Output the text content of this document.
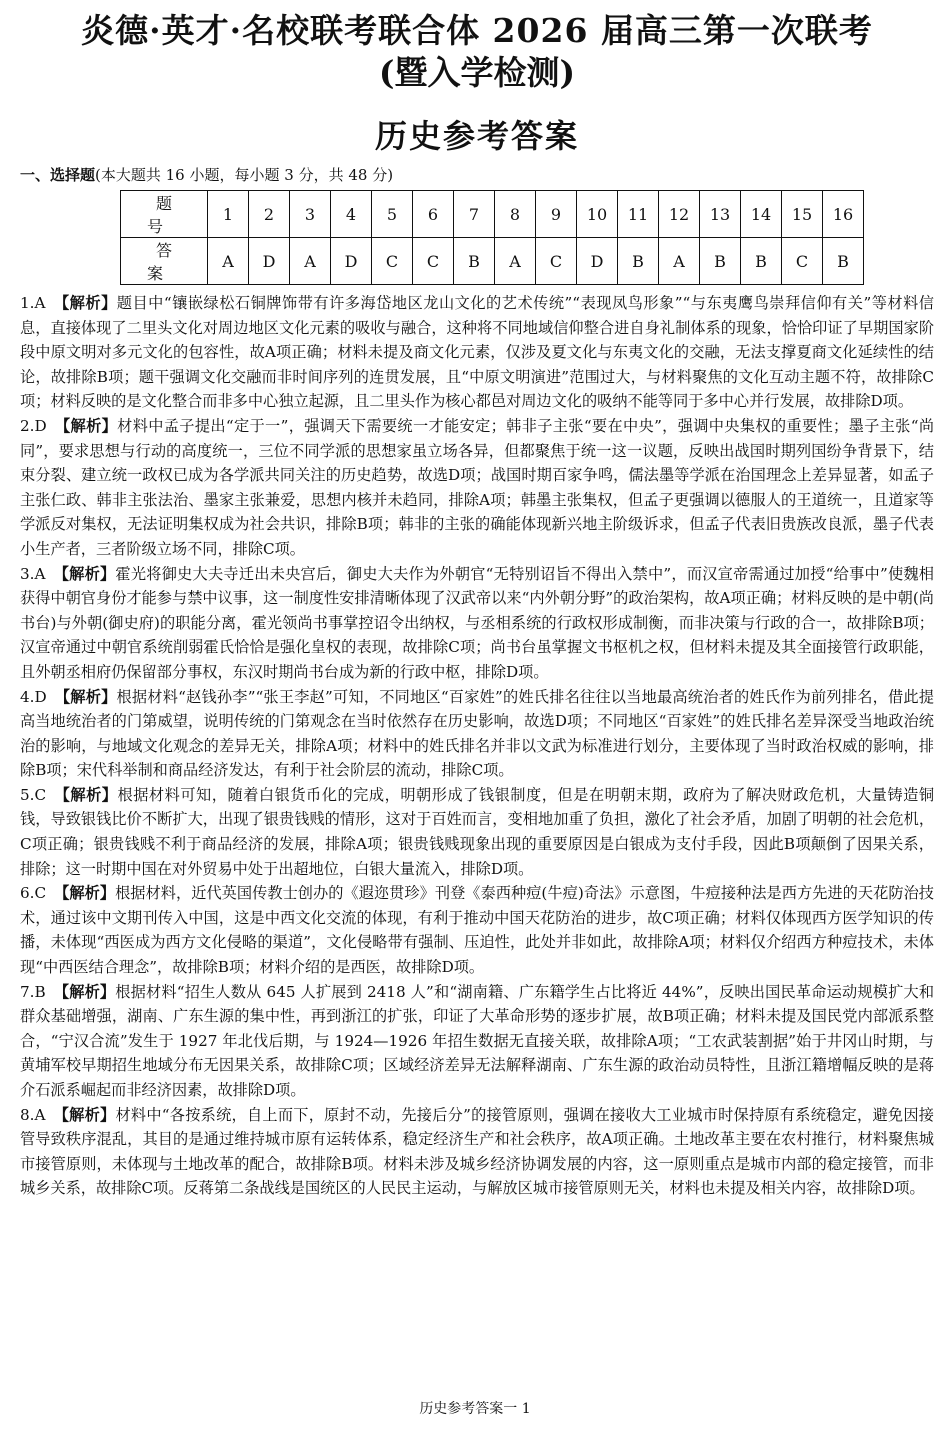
炎德·英才·名校联考联合体 2026 届高三第一次联考
(暨入学检测)
历史参考答案
一、选择题(本大题共 16 小题，每小题 3 分，共 48 分)
题 号	1	2	3	4	5	6	7	8	9	10	11	12	13	14	15	16
答 案	A	D	A	D	C	C	B	A	C	D	B	A	B	B	C	B

1.A 【解析】题目中“镶嵌绿松石铜牌饰带有许多海岱地区龙山文化的艺术传统”“表现凤鸟形象”“与东夷鹰鸟崇拜信仰有关”等材料信息，直接体现了二里头文化对周边地区文化元素的吸收与融合，这种将不同地域信仰整合进自身礼制体系的现象，恰恰印证了早期国家阶段中原文明对多元文化的包容性，故A项正确；材料未提及商文化元素，仅涉及夏文化与东夷文化的交融，无法支撑夏商文化延续性的结论，故排除B项；题干强调文化交融而非时间序列的连贯发展，且“中原文明演进”范围过大，与材料聚焦的文化互动主题不符，故排除C项；材料反映的是文化整合而非多中心独立起源，且二里头作为核心都邑对周边文化的吸纳不能等同于多中心并行发展，故排除D项。

2.D 【解析】材料中孟子提出“定于一”，强调天下需要统一才能安定；韩非子主张“要在中央”，强调中央集权的重要性；墨子主张“尚同”，要求思想与行动的高度统一，三位不同学派的思想家虽立场各异，但都聚焦于统一这一议题，反映出战国时期列国纷争背景下，结束分裂、建立统一政权已成为各学派共同关注的历史趋势，故选D项；战国时期百家争鸣，儒法墨等学派在治国理念上差异显著，如孟子主张仁政、韩非主张法治、墨家主张兼爱，思想内核并未趋同，排除A项；韩墨主张集权，但孟子更强调以德服人的王道统一，且道家等学派反对集权，无法证明集权成为社会共识，排除B项；韩非的主张的确能体现新兴地主阶级诉求，但孟子代表旧贵族改良派，墨子代表小生产者，三者阶级立场不同，排除C项。

3.A 【解析】霍光将御史大夫寺迁出未央宫后，御史大夫作为外朝官“无特别诏旨不得出入禁中”，而汉宣帝需通过加授“给事中”使魏相获得中朝官身份才能参与禁中议事，这一制度性安排清晰体现了汉武帝以来“内外朝分野”的政治架构，故A项正确；材料反映的是中朝(尚书台)与外朝(御史府)的职能分离，霍光领尚书事掌控诏令出纳权，与丞相系统的行政权形成制衡，而非决策与行政的合一，故排除B项；汉宣帝通过中朝官系统削弱霍氏恰恰是强化皇权的表现，故排除C项；尚书台虽掌握文书枢机之权，但材料未提及其全面接管行政职能，且外朝丞相府仍保留部分事权，东汉时期尚书台成为新的行政中枢，排除D项。

4.D 【解析】根据材料“赵钱孙李”“张王李赵”可知，不同地区“百家姓”的姓氏排名往往以当地最高统治者的姓氏作为前列排名，借此提高当地统治者的门第威望，说明传统的门第观念在当时依然存在历史影响，故选D项；不同地区“百家姓”的姓氏排名差异深受当地政治统治的影响，与地域文化观念的差异无关，排除A项；材料中的姓氏排名并非以文武为标准进行划分，主要体现了当时政治权威的影响，排除B项；宋代科举制和商品经济发达，有利于社会阶层的流动，排除C项。

5.C 【解析】根据材料可知，随着白银货币化的完成，明朝形成了钱银制度，但是在明朝末期，政府为了解决财政危机，大量铸造铜钱，导致银钱比价不断扩大，出现了银贵钱贱的情形，这对于百姓而言，变相地加重了负担，激化了社会矛盾，加剧了明朝的社会危机，C项正确；银贵钱贱不利于商品经济的发展，排除A项；银贵钱贱现象出现的重要原因是白银成为支付手段，因此B项颠倒了因果关系，排除；这一时期中国在对外贸易中处于出超地位，白银大量流入，排除D项。

6.C 【解析】根据材料，近代英国传教士创办的《遐迩贯珍》刊登《泰西种痘(牛痘)奇法》示意图，牛痘接种法是西方先进的天花防治技术，通过该中文期刊传入中国，这是中西文化交流的体现，有利于推动中国天花防治的进步，故C项正确；材料仅体现西方医学知识的传播，未体现“西医成为西方文化侵略的渠道”，文化侵略带有强制、压迫性，此处并非如此，故排除A项；材料仅介绍西方种痘技术，未体现“中西医结合理念”，故排除B项；材料介绍的是西医，故排除D项。

7.B 【解析】根据材料“招生人数从 645 人扩展到 2418 人”和“湖南籍、广东籍学生占比将近 44%”，反映出国民革命运动规模扩大和群众基础增强，湖南、广东生源的集中性，再到浙江的扩张，印证了大革命形势的逐步扩展，故B项正确；材料未提及国民党内部派系整合，“宁汉合流”发生于 1927 年北伐后期，与 1924—1926 年招生数据无直接关联，故排除A项；“工农武装割据”始于井冈山时期，与黄埔军校早期招生地域分布无因果关系，故排除C项；区域经济差异无法解释湖南、广东生源的政治动员特性，且浙江籍增幅反映的是蒋介石派系崛起而非经济因素，故排除D项。

8.A 【解析】材料中“各按系统，自上而下，原封不动，先接后分”的接管原则，强调在接收大工业城市时保持原有系统稳定，避免因接管导致秩序混乱，其目的是通过维持城市原有运转体系，稳定经济生产和社会秩序，故A项正确。土地改革主要在农村推行，材料聚焦城市接管原则，未体现与土地改革的配合，故排除B项。材料未涉及城乡经济协调发展的内容，这一原则重点是城市内部的稳定接管，而非城乡关系，故排除C项。反蒋第二条战线是国统区的人民民主运动，与解放区城市接管原则无关，材料也未提及相关内容，故排除D项。

历史参考答案一 1
